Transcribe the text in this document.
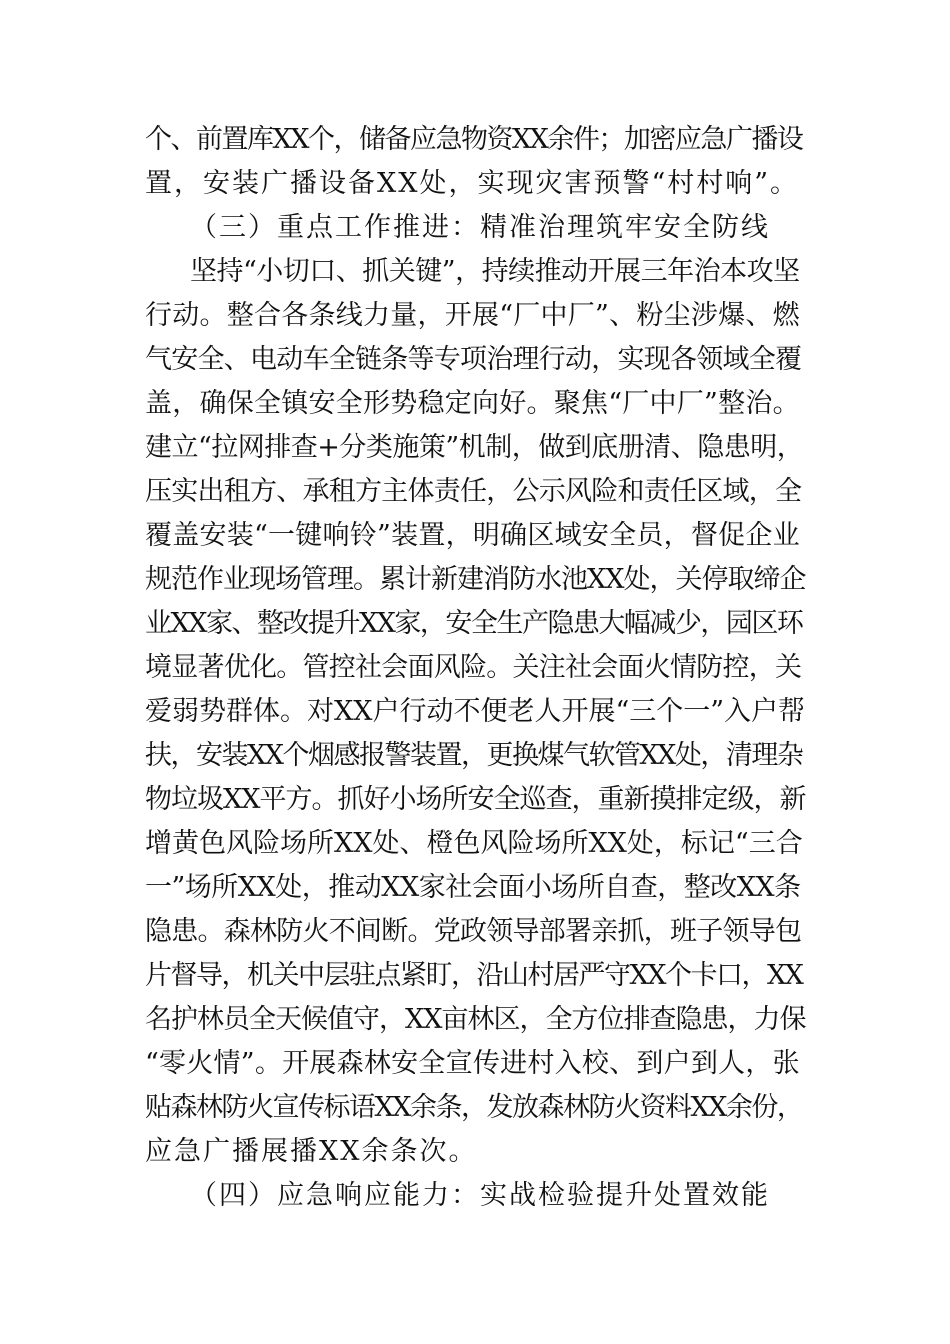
个、前置库XX个，储备应急物资XX余件；加密应急广播设
置，安装广播设备XX处，实现灾害预警“村村响”。
（三）重点工作推进：精准治理筑牢安全防线
坚持“小切口、抓关键”，持续推动开展三年治本攻坚
行动。整合各条线力量，开展“厂中厂”、粉尘涉爆、燃
气安全、电动车全链条等专项治理行动，实现各领域全覆
盖，确保全镇安全形势稳定向好。聚焦“厂中厂”整治。
建立“拉网排查+分类施策”机制，做到底册清、隐患明，
压实出租方、承租方主体责任，公示风险和责任区域，全
覆盖安装“一键响铃”装置，明确区域安全员，督促企业
规范作业现场管理。累计新建消防水池XX处，关停取缔企
业XX家、整改提升XX家，安全生产隐患大幅减少，园区环
境显著优化。管控社会面风险。关注社会面火情防控，关
爱弱势群体。对XX户行动不便老人开展“三个一”入户帮
扶，安装XX个烟感报警装置，更换煤气软管XX处，清理杂
物垃圾XX平方。抓好小场所安全巡查，重新摸排定级，新
增黄色风险场所XX处、橙色风险场所XX处，标记“三合
一”场所XX处，推动XX家社会面小场所自查，整改XX条
隐患。森林防火不间断。党政领导部署亲抓，班子领导包
片督导，机关中层驻点紧盯，沿山村居严守XX个卡口，XX
名护林员全天候值守，XX亩林区，全方位排查隐患，力保
“零火情”。开展森林安全宣传进村入校、到户到人，张
贴森林防火宣传标语XX余条，发放森林防火资料XX余份，
应急广播展播XX余条次。
（四）应急响应能力：实战检验提升处置效能
